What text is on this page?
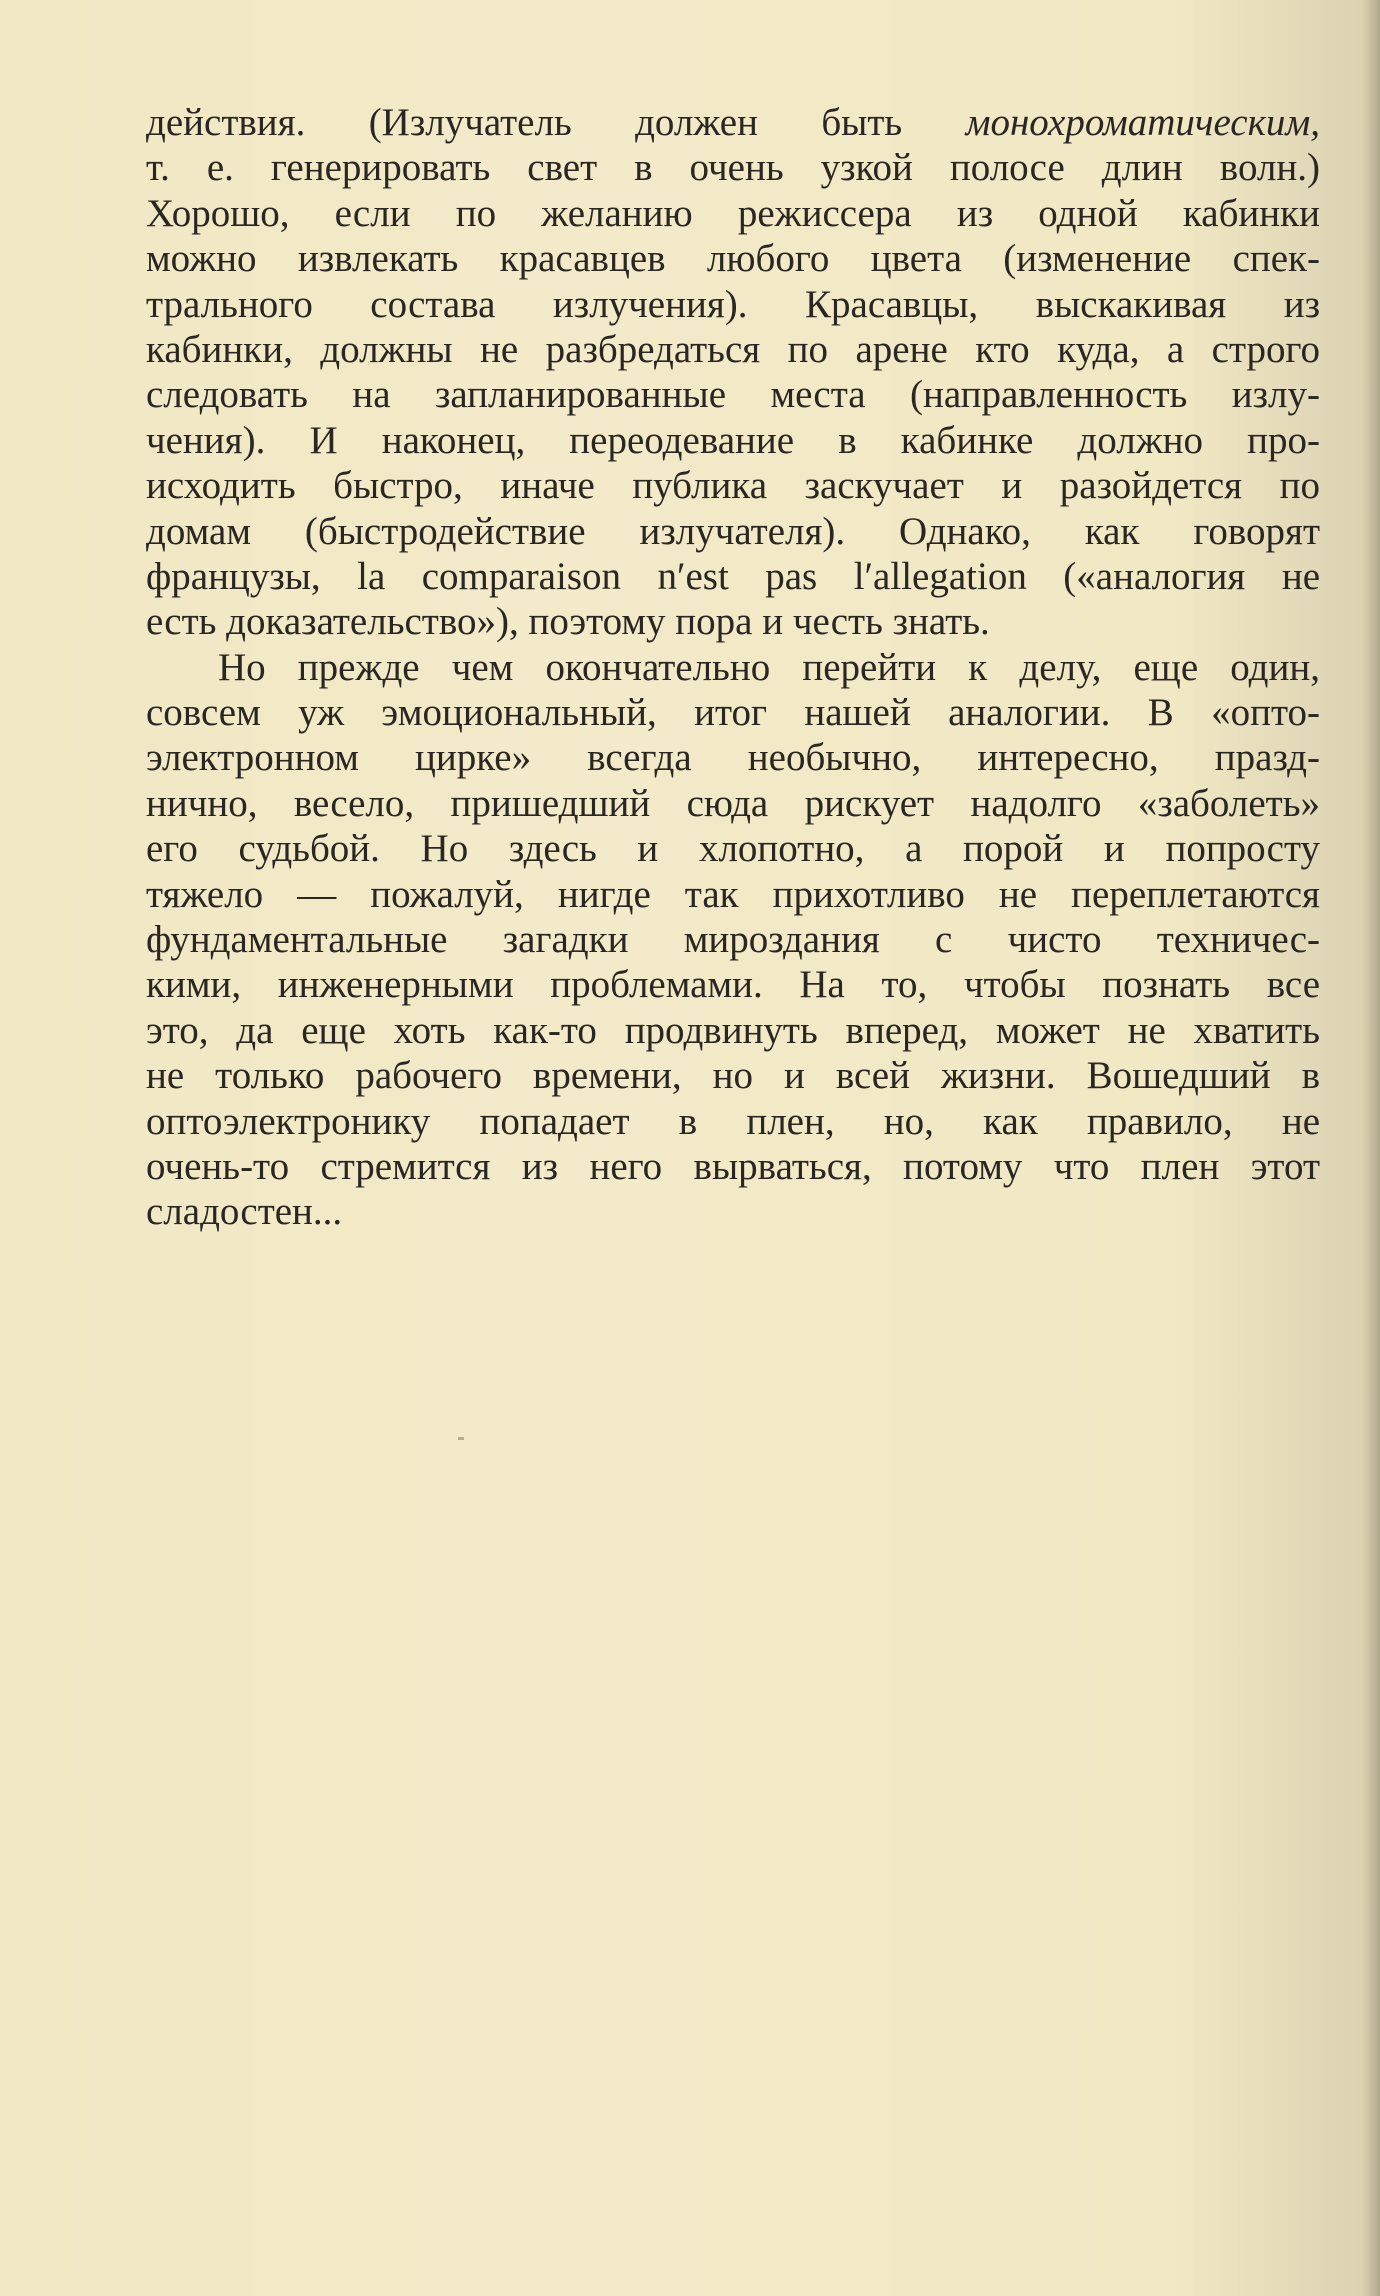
действия. (Излучатель должен быть монохроматическим,
т. е. генерировать свет в очень узкой полосе длин волн.)
Хорошо, если по желанию режиссера из одной кабинки
можно извлекать красавцев любого цвета (изменение спек-
трального состава излучения). Красавцы, выскакивая из
кабинки, должны не разбредаться по арене кто куда, а строго
следовать на запланированные места (направленность излу-
чения). И наконец, переодевание в кабинке должно про-
исходить быстро, иначе публика заскучает и разойдется по
домам (быстродействие излучателя). Однако, как говорят
французы, la comparaison n′est pas l′allegation («аналогия не
есть доказательство»), поэтому пора и честь знать.
Но прежде чем окончательно перейти к делу, еще один,
совсем уж эмоциональный, итог нашей аналогии. В «опто-
электронном цирке» всегда необычно, интересно, празд-
нично, весело, пришедший сюда рискует надолго «заболеть»
его судьбой. Но здесь и хлопотно, а порой и попросту
тяжело — пожалуй, нигде так прихотливо не переплетаются
фундаментальные загадки мироздания с чисто техничес-
кими, инженерными проблемами. На то, чтобы познать все
это, да еще хоть как-то продвинуть вперед, может не хватить
не только рабочего времени, но и всей жизни. Вошедший в
оптоэлектронику попадает в плен, но, как правило, не
очень-то стремится из него вырваться, потому что плен этот
сладостен...
